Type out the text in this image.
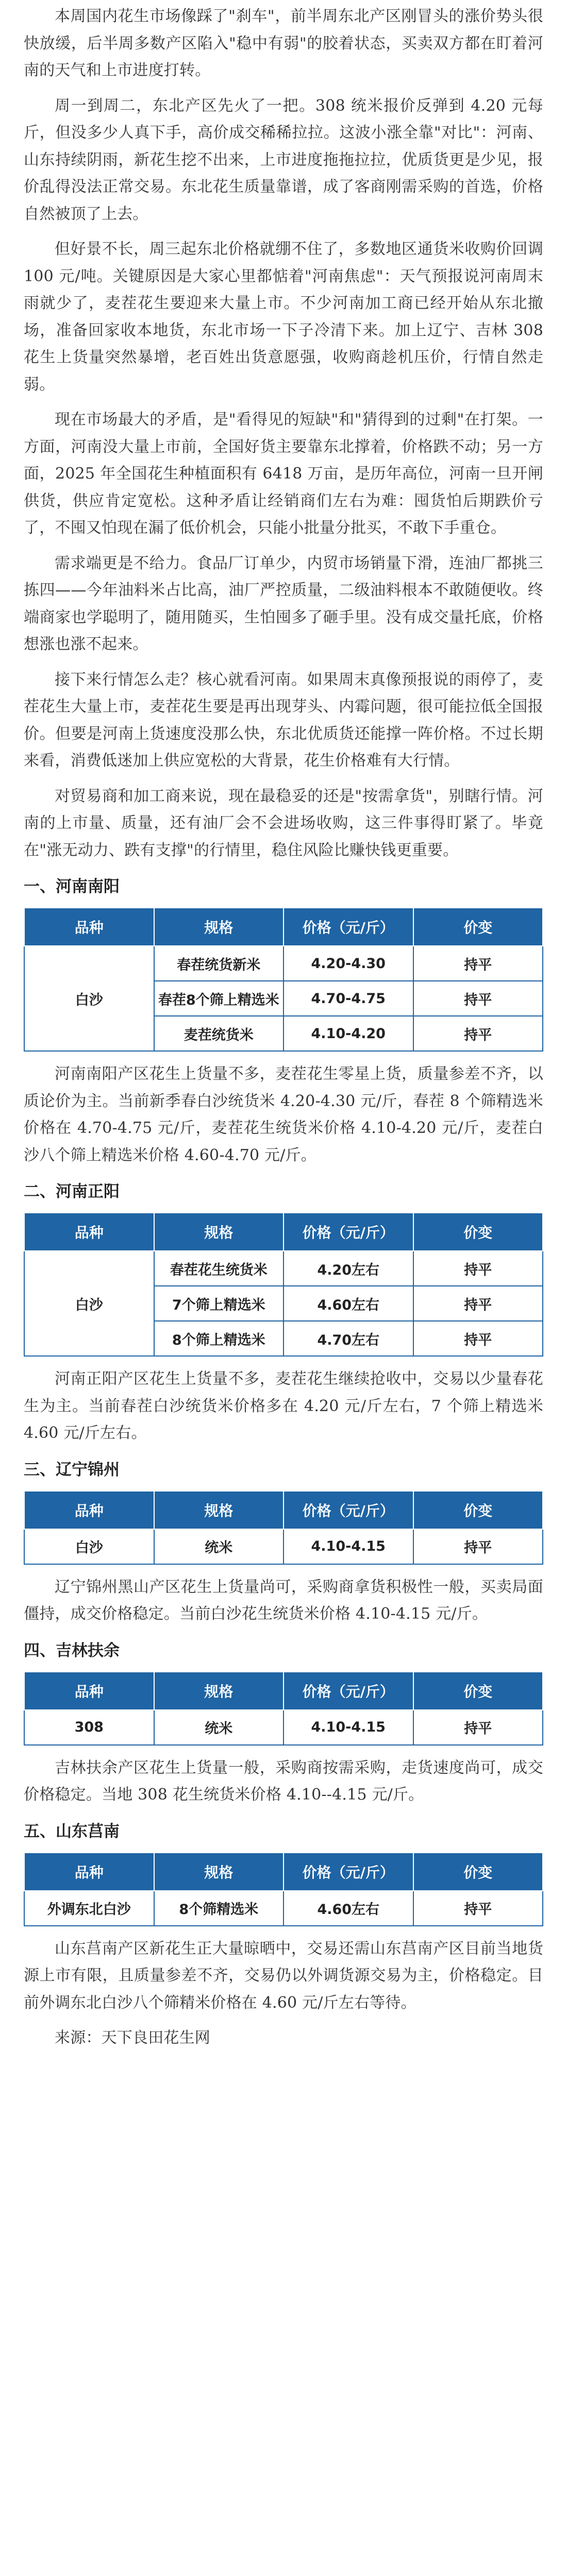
本周国内花生市场像踩了"刹车"，前半周东北产区刚冒头的涨价势头很快放缓，后半周多数产区陷入"稳中有弱"的胶着状态，买卖双方都在盯着河南的天气和上市进度打转。

周一到周二，东北产区先火了一把。308 统米报价反弹到 4.20 元每斤，但没多少人真下手，高价成交稀稀拉拉。这波小涨全靠"对比"：河南、山东持续阴雨，新花生挖不出来，上市进度拖拖拉拉，优质货更是少见，报价乱得没法正常交易。东北花生质量靠谱，成了客商刚需采购的首选，价格自然被顶了上去。

但好景不长，周三起东北价格就绷不住了，多数地区通货米收购价回调 100 元/吨。关键原因是大家心里都惦着"河南焦虑"：天气预报说河南周末雨就少了，麦茬花生要迎来大量上市。不少河南加工商已经开始从东北撤场，准备回家收本地货，东北市场一下子冷清下来。加上辽宁、吉林 308 花生上货量突然暴增，老百姓出货意愿强，收购商趁机压价，行情自然走弱。

现在市场最大的矛盾，是"看得见的短缺"和"猜得到的过剩"在打架。一方面，河南没大量上市前，全国好货主要靠东北撑着，价格跌不动；另一方面，2025 年全国花生种植面积有 6418 万亩，是历年高位，河南一旦开闸供货，供应肯定宽松。这种矛盾让经销商们左右为难：囤货怕后期跌价亏了，不囤又怕现在漏了低价机会，只能小批量分批买，不敢下手重仓。

需求端更是不给力。食品厂订单少，内贸市场销量下滑，连油厂都挑三拣四——今年油料米占比高，油厂严控质量，二级油料根本不敢随便收。终端商家也学聪明了，随用随买，生怕囤多了砸手里。没有成交量托底，价格想涨也涨不起来。

接下来行情怎么走？核心就看河南。如果周末真像预报说的雨停了，麦茬花生大量上市，麦茬花生要是再出现芽头、内霉问题，很可能拉低全国报价。但要是河南上货速度没那么快，东北优质货还能撑一阵价格。不过长期来看，消费低迷加上供应宽松的大背景，花生价格难有大行情。

对贸易商和加工商来说，现在最稳妥的还是"按需拿货"，别瞎行情。河南的上市量、质量，还有油厂会不会进场收购，这三件事得盯紧了。毕竟在"涨无动力、跌有支撑"的行情里，稳住风险比赚快钱更重要。

一、河南南阳
品种	规格	价格（元/斤）	价变
白沙	春茬统货新米	4.20-4.30	持平
	春茬8个筛上精选米	4.70-4.75	持平
	麦茬统货米	4.10-4.20	持平

河南南阳产区花生上货量不多，麦茬花生零星上货，质量参差不齐，以质论价为主。当前新季春白沙统货米 4.20-4.30 元/斤，春茬 8 个筛精选米价格在 4.70-4.75 元/斤，麦茬花生统货米价格 4.10-4.20 元/斤，麦茬白沙八个筛上精选米价格 4.60-4.70 元/斤。

二、河南正阳
品种	规格	价格（元/斤）	价变
白沙	春茬花生统货米	4.20左右	持平
	7个筛上精选米	4.60左右	持平
	8个筛上精选米	4.70左右	持平

河南正阳产区花生上货量不多，麦茬花生继续抢收中，交易以少量春花生为主。当前春茬白沙统货米价格多在 4.20 元/斤左右，7 个筛上精选米 4.60 元/斤左右。

三、辽宁锦州
品种	规格	价格（元/斤）	价变
白沙	统米	4.10-4.15	持平

辽宁锦州黑山产区花生上货量尚可，采购商拿货积极性一般，买卖局面僵持，成交价格稳定。当前白沙花生统货米价格 4.10-4.15 元/斤。

四、吉林扶余
品种	规格	价格（元/斤）	价变
308	统米	4.10-4.15	持平

吉林扶余产区花生上货量一般，采购商按需采购，走货速度尚可，成交价格稳定。当地 308 花生统货米价格 4.10--4.15 元/斤。

五、山东莒南
品种	规格	价格（元/斤）	价变
外调东北白沙	8个筛精选米	4.60左右	持平

山东莒南产区新花生正大量晾晒中，交易还需山东莒南产区目前当地货源上市有限，且质量参差不齐，交易仍以外调货源交易为主，价格稳定。目前外调东北白沙八个筛精米价格在 4.60 元/斤左右等待。

来源：天下良田花生网
